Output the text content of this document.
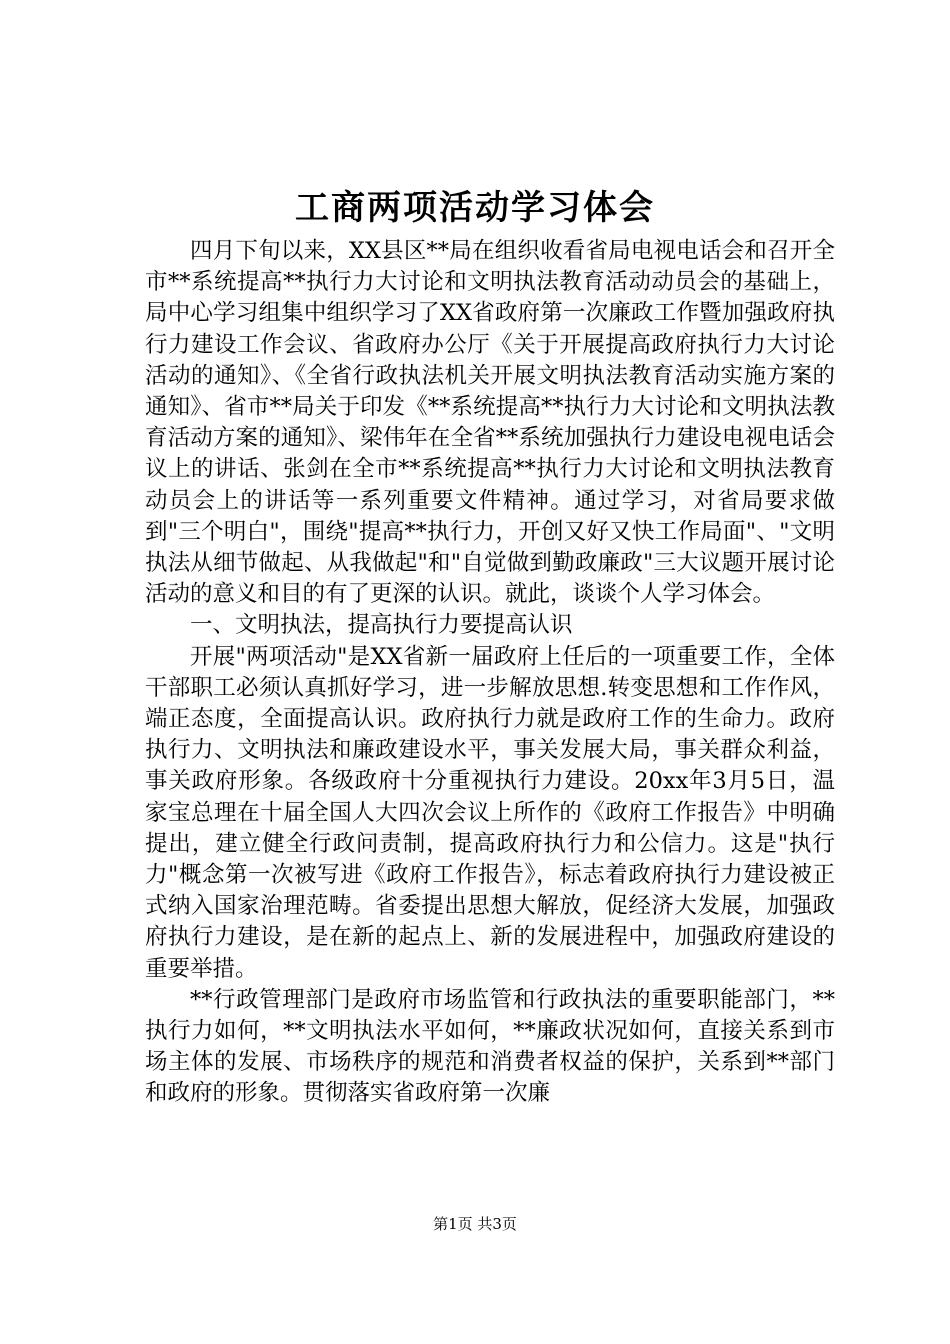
工商两项活动学习体会

四月下旬以来，XX县区**局在组织收看省局电视电话会和召开全市**系统提高**执行力大讨论和文明执法教育活动动员会的基础上，局中心学习组集中组织学习了XX省政府第一次廉政工作暨加强政府执行力建设工作会议、省政府办公厅《关于开展提高政府执行力大讨论活动的通知》、《全省行政执法机关开展文明执法教育活动实施方案的通知》、省市**局关于印发《**系统提高**执行力大讨论和文明执法教育活动方案的通知》、梁伟年在全省**系统加强执行力建设电视电话会议上的讲话、张剑在全市**系统提高**执行力大讨论和文明执法教育动员会上的讲话等一系列重要文件精神。通过学习，对省局要求做到"三个明白"，围绕"提高**执行力，开创又好又快工作局面"、"文明执法从细节做起、从我做起"和"自觉做到勤政廉政"三大议题开展讨论活动的意义和目的有了更深的认识。就此，谈谈个人学习体会。

一、文明执法，提高执行力要提高认识

开展"两项活动"是XX省新一届政府上任后的一项重要工作，全体干部职工必须认真抓好学习，进一步解放思想.转变思想和工作作风，端正态度，全面提高认识。政府执行力就是政府工作的生命力。政府执行力、文明执法和廉政建设水平，事关发展大局，事关群众利益，事关政府形象。各级政府十分重视执行力建设。20xx年3月5日，温家宝总理在十届全国人大四次会议上所作的《政府工作报告》中明确提出，建立健全行政问责制，提高政府执行力和公信力。这是"执行力"概念第一次被写进《政府工作报告》，标志着政府执行力建设被正式纳入国家治理范畴。省委提出思想大解放，促经济大发展，加强政府执行力建设，是在新的起点上、新的发展进程中，加强政府建设的重要举措。

**行政管理部门是政府市场监管和行政执法的重要职能部门，**执行力如何，**文明执法水平如何，**廉政状况如何，直接关系到市场主体的发展、市场秩序的规范和消费者权益的保护，关系到**部门和政府的形象。贯彻落实省政府第一次廉

第1页 共3页
